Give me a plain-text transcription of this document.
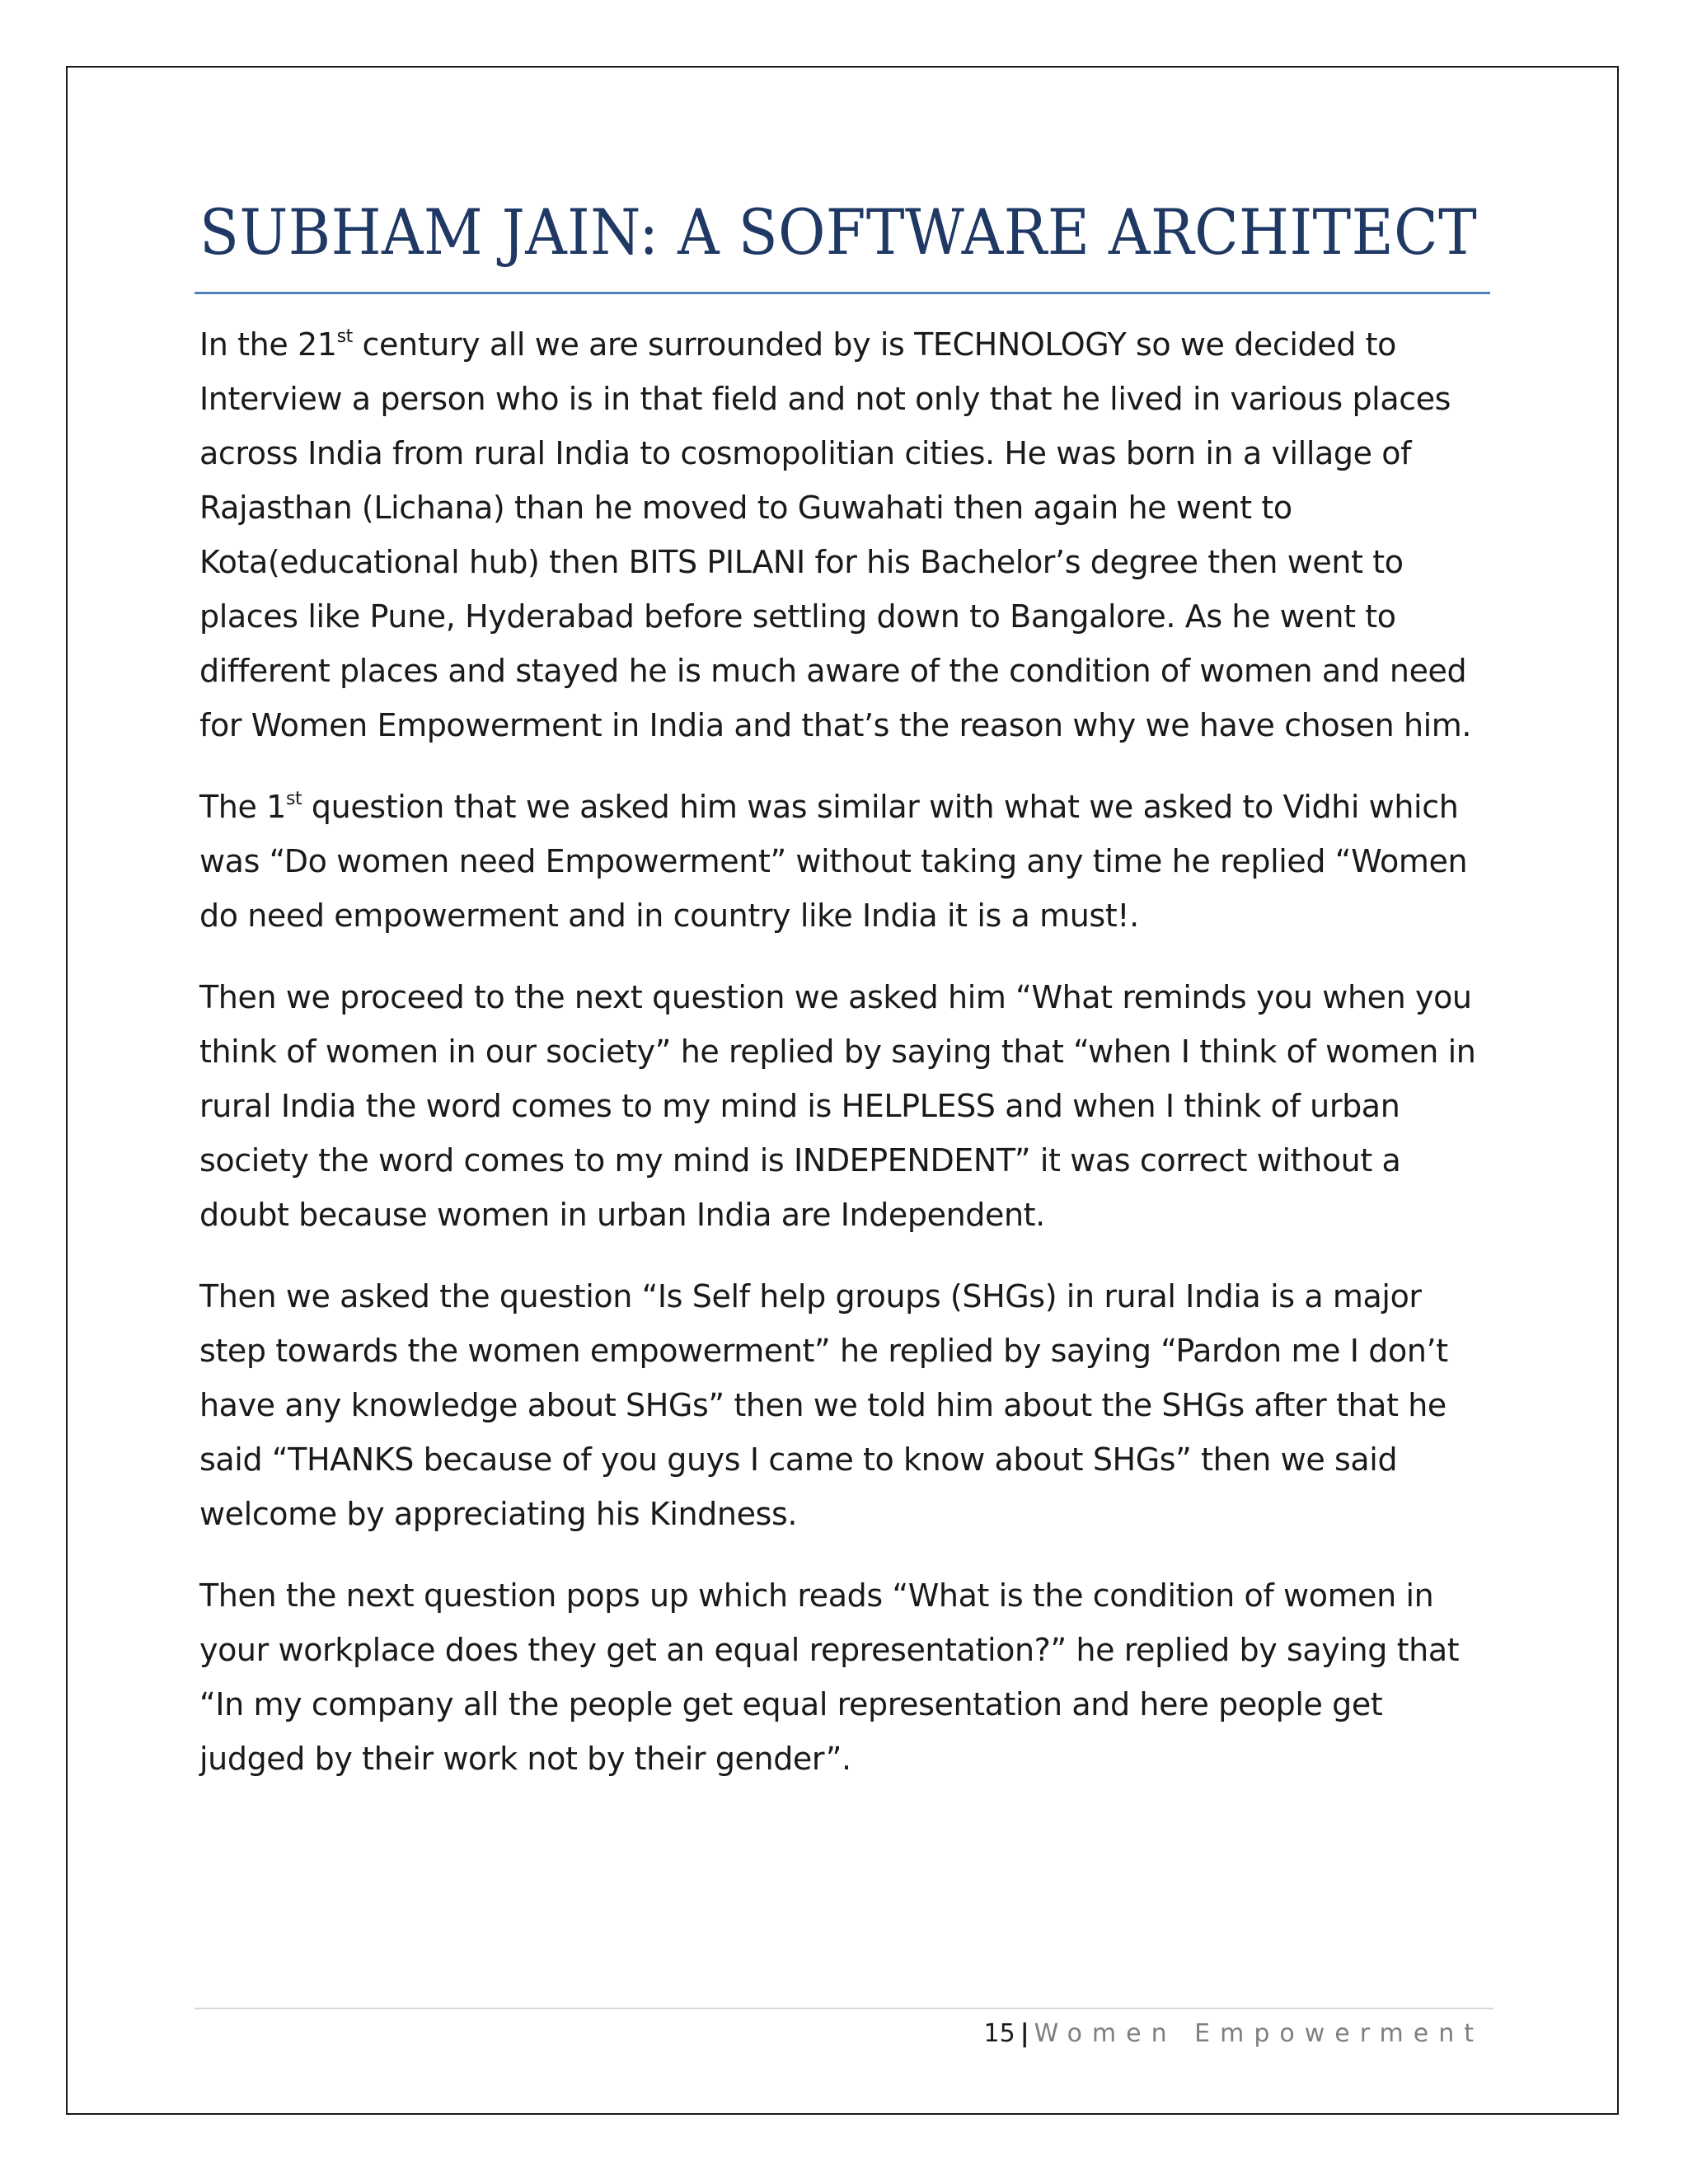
SUBHAM JAIN: A SOFTWARE ARCHITECT

In the 21st century all we are surrounded by is TECHNOLOGY so we decided to Interview a person who is in that field and not only that he lived in various places across India from rural India to cosmopolitian cities. He was born in a village of Rajasthan (Lichana) than he moved to Guwahati then again he went to Kota(educational hub) then BITS PILANI for his Bachelor’s degree then went to places like Pune, Hyderabad before settling down to Bangalore. As he went to different places and stayed he is much aware of the condition of women and need for Women Empowerment in India and that’s the reason why we have chosen him.

The 1st question that we asked him was similar with what we asked to Vidhi which was “Do women need Empowerment” without taking any time he replied “Women do need empowerment and in country like India it is a must!.

Then we proceed to the next question we asked him “What reminds you when you think of women in our society” he replied by saying that “when I think of women in rural India the word comes to my mind is HELPLESS and when I think of urban society the word comes to my mind is INDEPENDENT” it was correct without a doubt because women in urban India are Independent.

Then we asked the question “Is Self help groups (SHGs) in rural India is a major step towards the women empowerment” he replied by saying “Pardon me I don’t have any knowledge about SHGs” then we told him about the SHGs after that he said “THANKS because of you guys I came to know about SHGs” then we said welcome by appreciating his Kindness.

Then the next question pops up which reads “What is the condition of women in your workplace does they get an equal representation?” he replied by saying that “In my company all the people get equal representation and here people get judged by their work not by their gender”.

15 | Women Empowerment
